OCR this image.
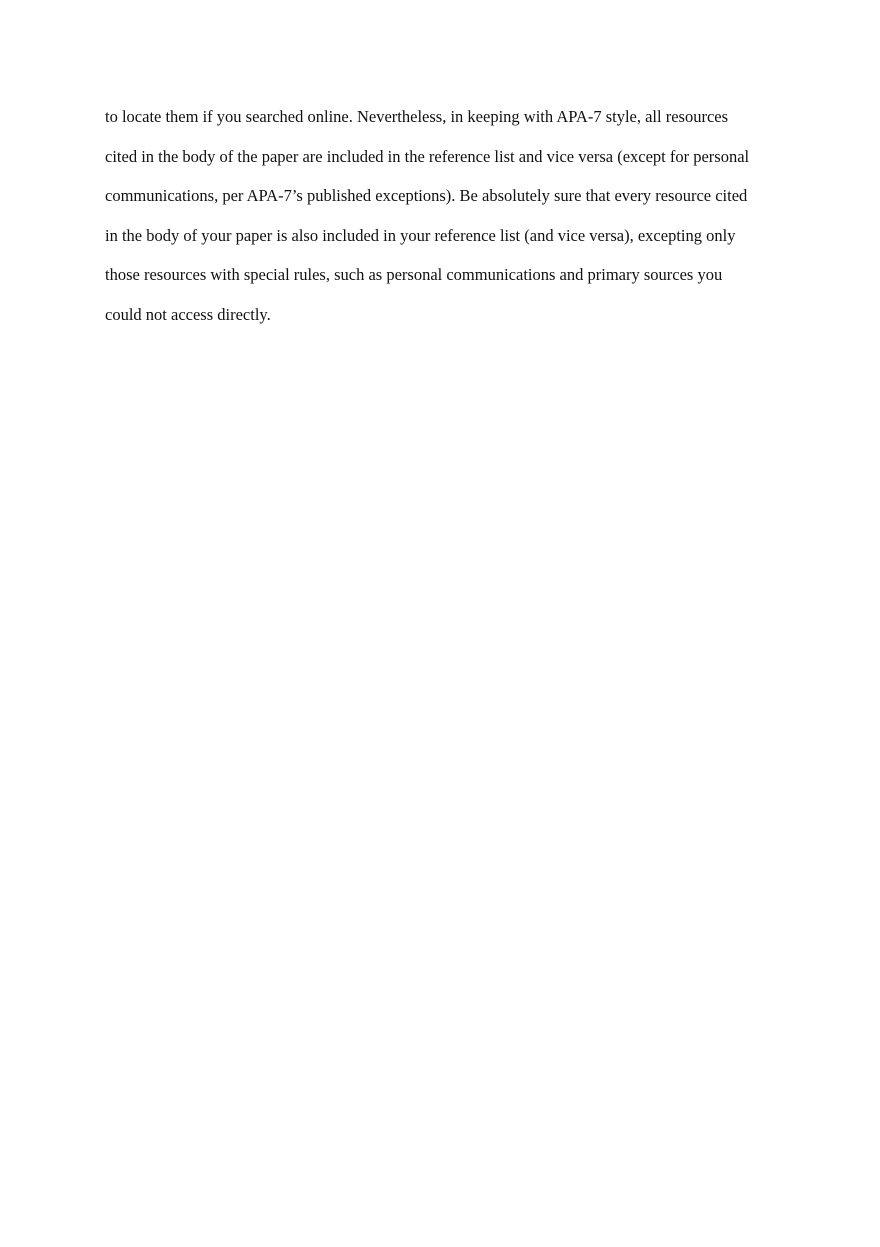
to locate them if you searched online. Nevertheless, in keeping with APA-7 style, all resources
cited in the body of the paper are included in the reference list and vice versa (except for personal
communications, per APA-7’s published exceptions). Be absolutely sure that every resource cited
in the body of your paper is also included in your reference list (and vice versa), excepting only
those resources with special rules, such as personal communications and primary sources you
could not access directly.
